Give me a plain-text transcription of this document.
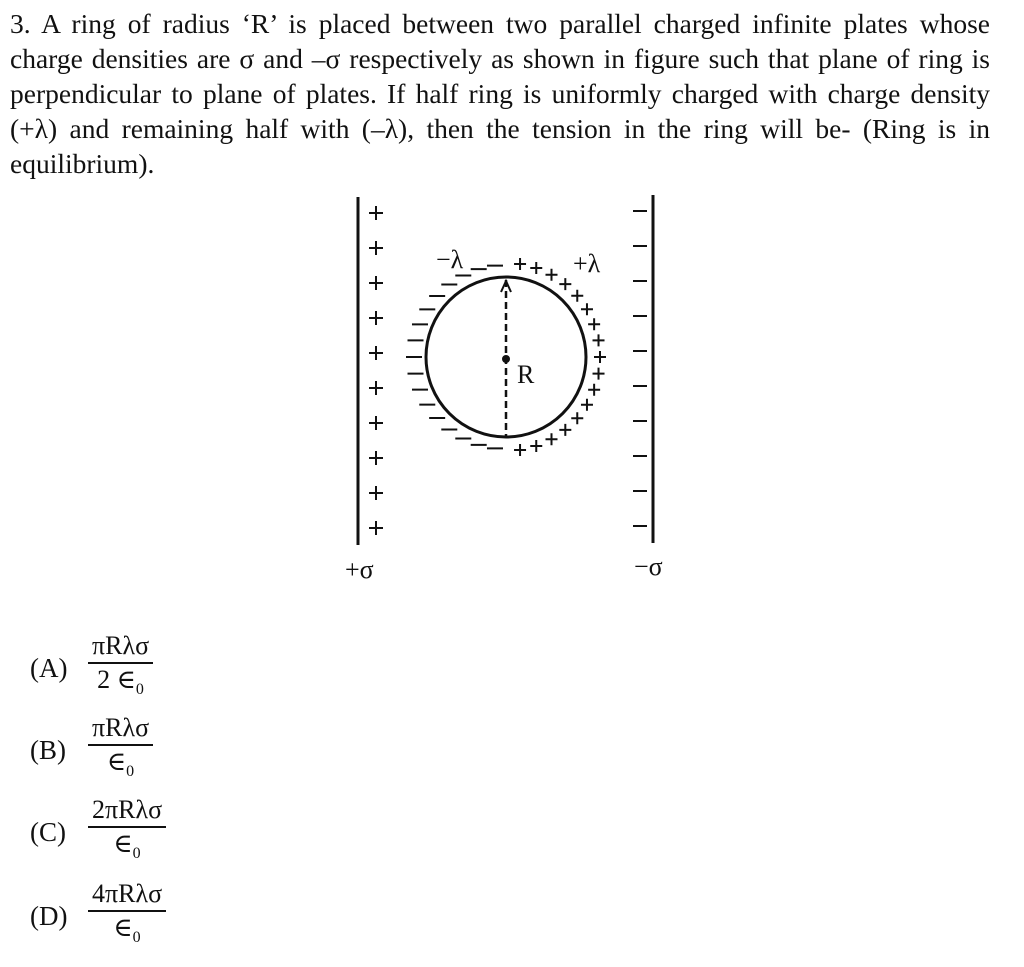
3. A ring of radius ‘R’ is placed between two parallel charged infinite plates whose charge densities are σ and –σ respectively as shown in figure such that plane of ring is perpendicular to plane of plates. If half ring is uniformly charged with charge density (+λ) and remaining half with (–λ), then the tension in the ring will be- (Ring is in equilibrium).
R
−λ	+λ
+σ	−σ
$(A) \frac{\text{πRλσ}}{2 \in_0}$
$(B) \frac{\text{πRλσ}}{\in_0}$
$(C) \frac{\text{2πRλσ}}{\in_0}$
$(D) \frac{\text{4πRλσ}}{\in_0}$
